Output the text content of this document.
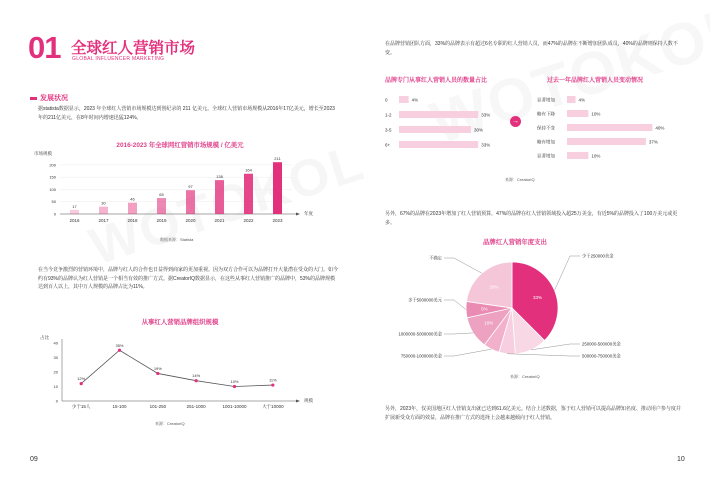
01 全球红人营销市场
GLOBAL INFLUENCER MARKETING
发展状况
据statista数据显示，2023 年全球红人营销市场规模达到创纪录的 211 亿美元。全球红人营销市场规模从2016年17亿美元，增长至2023年的211亿美元，在8年时间内增速迅猛124%。
2016-2023 年全球网红营销市场规模 / 亿美元
市场规模
0
50
100
150
200
17
2016
30
2017
46
2018
65
2019
97
2020
138
2021
164
2022
211
2023
年度
数据来源：Statista
在当今竞争激烈的营销环境中，品牌与红人的合作也日益得到商家的更加重视。因为双方合作可以为品牌打开大量潜在受众的大门。如今约有93%的品牌认为红人营销是一个相当有效的推广方式。据CreatorIQ数据显示，在这些从事红人营销推广的品牌中，53%的品牌规模达到百人以上，其中万人规模的品牌占比为11%。
从事红人营销品牌组织规模
占比
0
10
20
30
40
12%
少于15人
35%
15-100
19%
101-250
14%
251-1000
10%
1001-10000
11%
大于10000
规模
来源：CreatorIQ
09
在品牌营销团队方面，33%的品牌表示有超过6名专职的红人营销人员，而47%的品牌在不断增加团队成员，40%的品牌则保持人数不变。
品牌专门从事红人营销人员的数量占比
0	4%
1-2	33%
3-5	30%
6+	33%
→
过去一年品牌红人营销人员变动情况
显著增加	4%
略有下降	10%
保持不变	40%
略有增加	37%
显著增加	10%
来源：CreatorIQ
另外，67%的品牌在2023年增加了红人营销预算，47%的品牌在红人营销领域投入超25万美金，有近5%的品牌投入了100万美元或更多。
品牌红人营销年度支出
33%
少于250000美金
250000-500000美金
500000-750000美金
750000-1000000美金
10%
1000000-5000000美金
5%
多于5000000美元
20%
不确定
来源：CreatorIQ
另外，2023年，仅美国地区红人营销支出就已达到61.6亿美元。结合上述数据，鉴于红人营销可以提高品牌知名度、推动用户参与度并扩展新受众方面的效益，品牌在推广方式的选择上会越来越倾向于红人营销。
10
